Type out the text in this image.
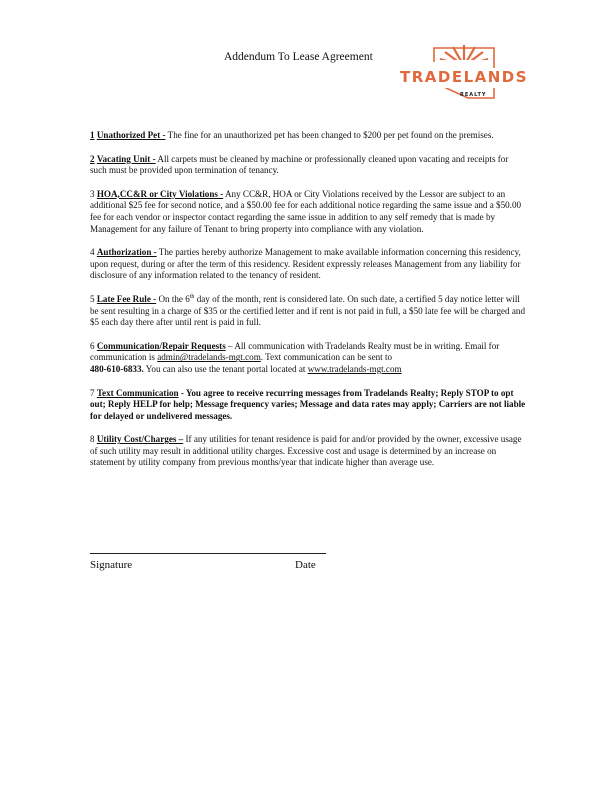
Addendum To Lease Agreement
TRADELANDS
REALTY

1 Unathorized Pet - The fine for an unauthorized pet has been changed to $200 per pet found on the premises.

2 Vacating Unit - All carpets must be cleaned by machine or professionally cleaned upon vacating and receipts for such must be provided upon termination of tenancy.

3 HOA,CC&R or City Violations - Any CC&R, HOA or City Violations received by the Lessor are subject to an additional $25 fee for second notice, and a $50.00 fee for each additional notice regarding the same issue and a $50.00 fee for each vendor or inspector contact regarding the same issue in addition to any self remedy that is made by Management for any failure of Tenant to bring property into compliance with any violation.

4 Authorization - The parties hereby authorize Management to make available information concerning this residency, upon request, during or after the term of this residency. Resident expressly releases Management from any liability for disclosure of any information related to the tenancy of resident.

5 Late Fee Rule - On the 6th day of the month, rent is considered late. On such date, a certified 5 day notice letter will be sent resulting in a charge of $35 or the certified letter and if rent is not paid in full, a $50 late fee will be charged and $5 each day there after until rent is paid in full.

6 Communication/Repair Requests – All communication with Tradelands Realty must be in writing. Email for communication is admin@tradelands-mgt.com. Text communication can be sent to
480-610-6833. You can also use the tenant portal located at www.tradelands-mgt.com

7 Text Communication - You agree to receive recurring messages from Tradelands Realty; Reply STOP to opt out; Reply HELP for help; Message frequency varies; Message and data rates may apply; Carriers are not liable for delayed or undelivered messages.

8 Utility Cost/Charges – If any utilities for tenant residence is paid for and/or provided by the owner, excessive usage of such utility may result in additional utility charges. Excessive cost and usage is determined by an increase on statement by utility company from previous months/year that indicate higher than average use.

Signature	Date
